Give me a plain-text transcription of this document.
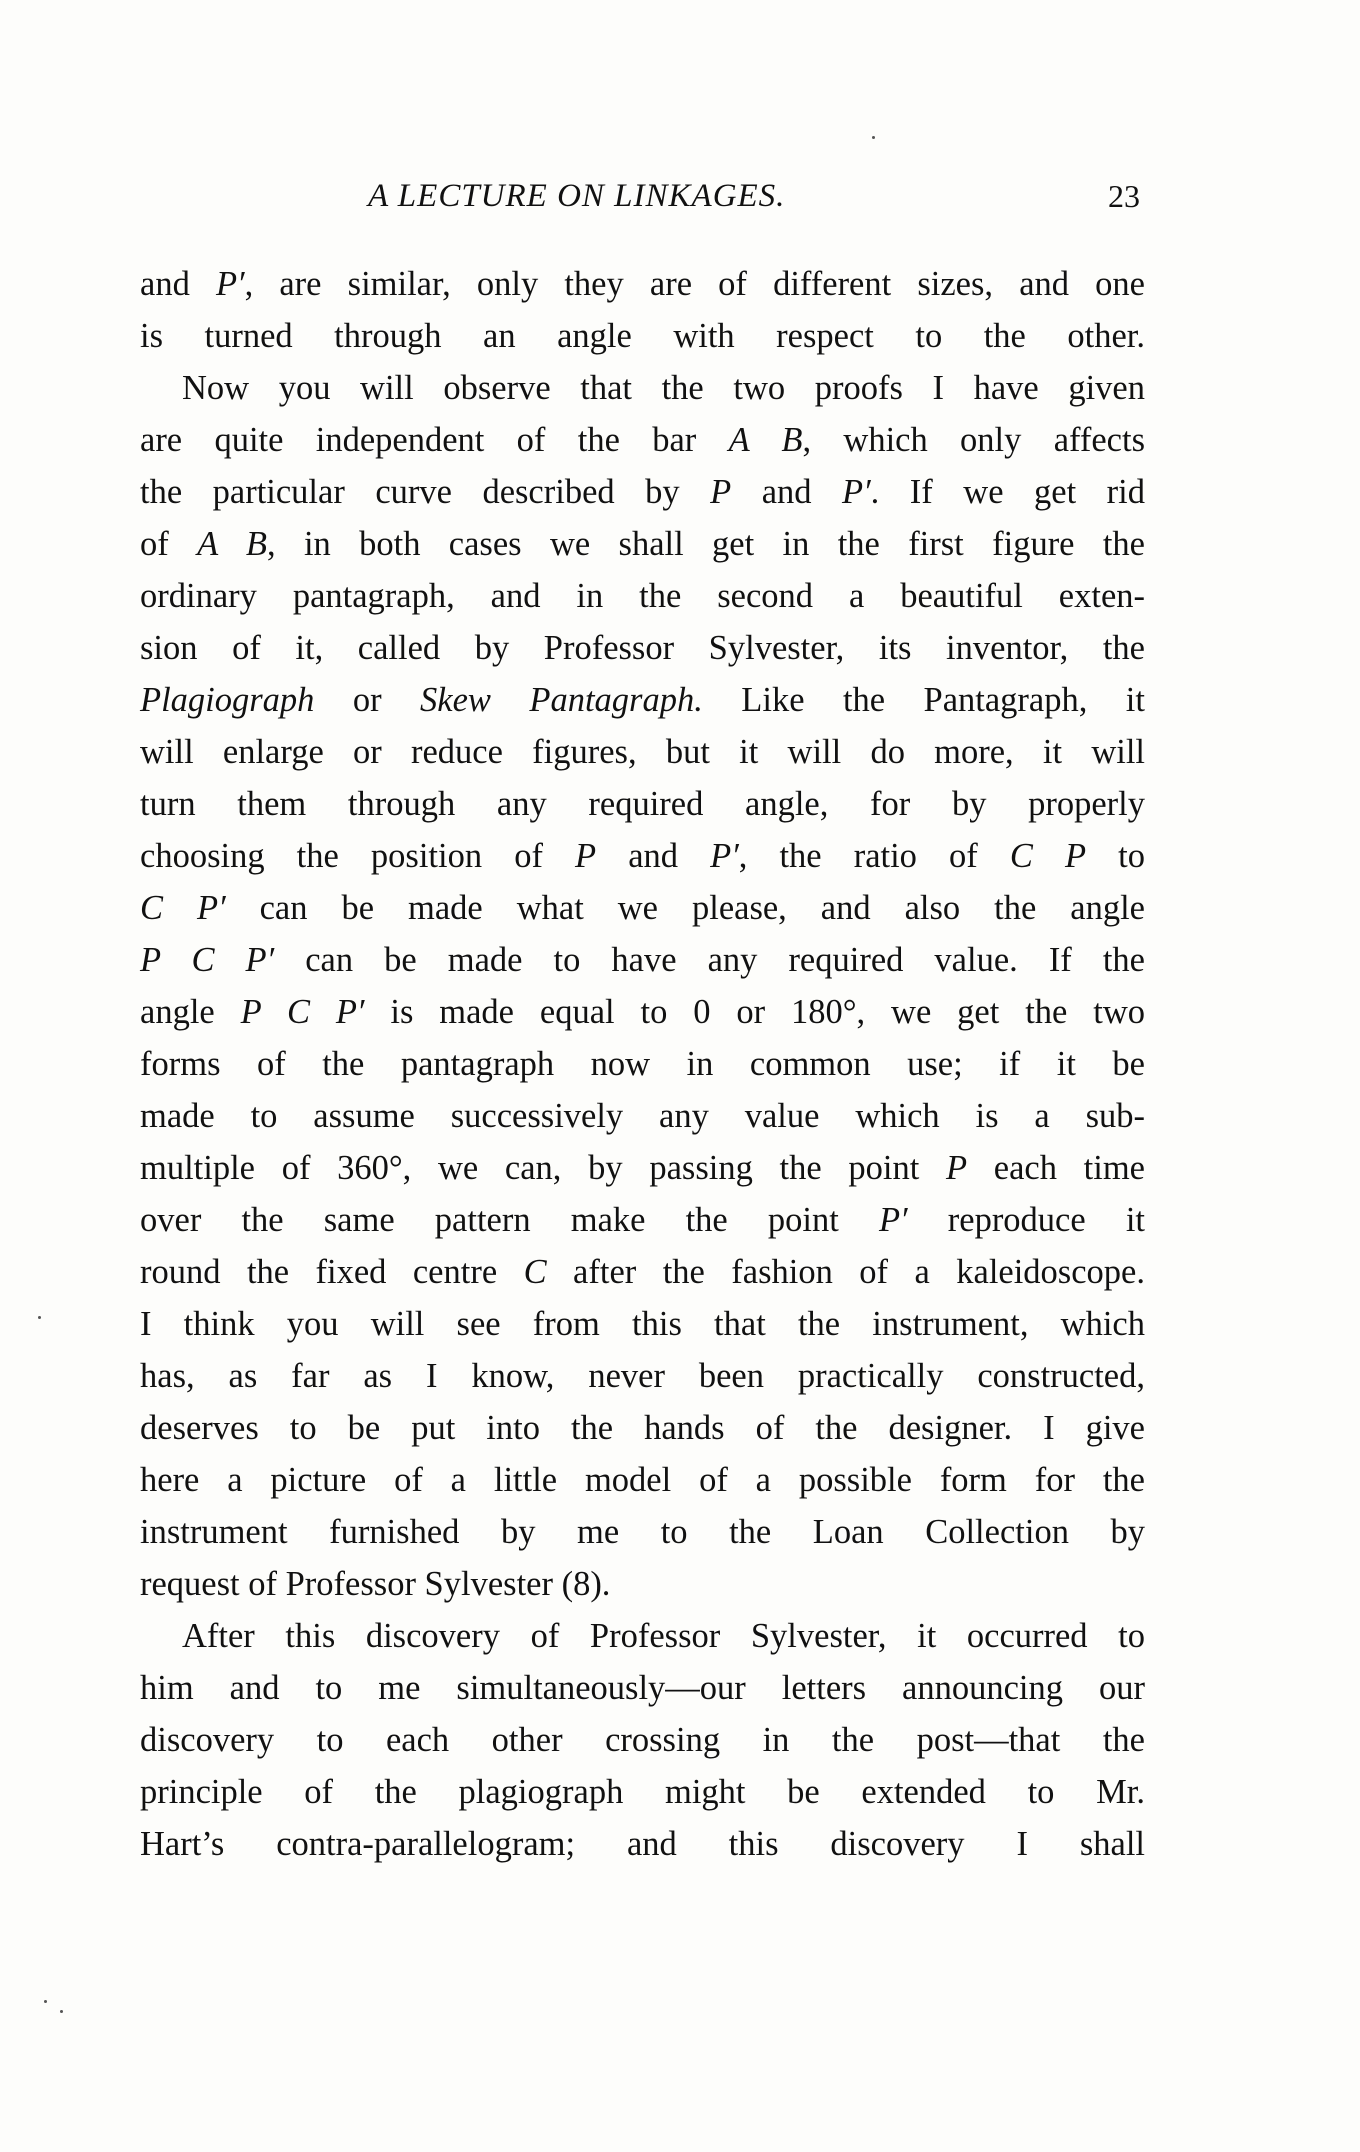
A LECTURE ON LINKAGES.	23
and P′, are similar, only they are of different sizes, and one
is turned through an angle with respect to the other.
Now you will observe that the two proofs I have given
are quite independent of the bar A B, which only affects
the particular curve described by P and P′. If we get rid
of A B, in both cases we shall get in the first figure the
ordinary pantagraph, and in the second a beautiful exten-
sion of it, called by Professor Sylvester, its inventor, the
Plagiograph or Skew Pantagraph. Like the Pantagraph, it
will enlarge or reduce figures, but it will do more, it will
turn them through any required angle, for by properly
choosing the position of P and P′, the ratio of C P to
C P′ can be made what we please, and also the angle
P C P′ can be made to have any required value. If the
angle P C P′ is made equal to 0 or 180°, we get the two
forms of the pantagraph now in common use; if it be
made to assume successively any value which is a sub-
multiple of 360°, we can, by passing the point P each time
over the same pattern make the point P′ reproduce it
round the fixed centre C after the fashion of a kaleidoscope.
I think you will see from this that the instrument, which
has, as far as I know, never been practically constructed,
deserves to be put into the hands of the designer. I give
here a picture of a little model of a possible form for the
instrument furnished by me to the Loan Collection by
request of Professor Sylvester (8).
After this discovery of Professor Sylvester, it occurred to
him and to me simultaneously—our letters announcing our
discovery to each other crossing in the post—that the
principle of the plagiograph might be extended to Mr.
Hart’s contra-parallelogram; and this discovery I shall
